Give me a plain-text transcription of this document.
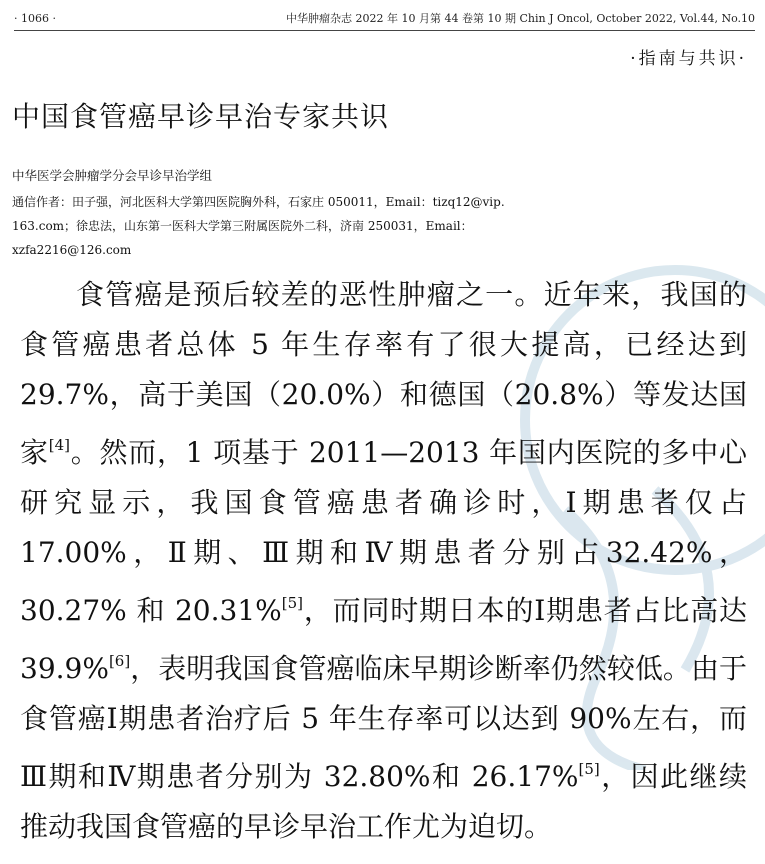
· 1066 ·	中华肿瘤杂志 2022 年 10 月第 44 卷第 10 期 Chin J Oncol, October 2022, Vol.44, No.10
·指南与共识·
中国食管癌早诊早治专家共识
中华医学会肿瘤学分会早诊早治学组
通信作者：田子强，河北医科大学第四医院胸外科，石家庄 050011，Email：tizq12@vip.
163.com；徐忠法，山东第一医科大学第三附属医院外二科，济南 250031，Email：
xzfa2216@126.com
食管癌是预后较差的恶性肿瘤之一。近年来，我国的食管癌患者总体 5 年生存率有了很大提高，已经达到 29.7%，高于美国（20.0%）和德国（20.8%）等发达国家[4]。然而，1 项基于 2011—2013 年国内医院的多中心研究显示，我国食管癌患者确诊时，Ⅰ期患者仅占 17.00%，Ⅱ期、Ⅲ期和Ⅳ期患者分别占32.42%，30.27% 和 20.31%[5]，而同时期日本的Ⅰ期患者占比高达 39.9%[6]，表明我国食管癌临床早期诊断率仍然较低。由于食管癌Ⅰ期患者治疗后 5 年生存率可以达到 90%左右，而Ⅲ期和Ⅳ期患者分别为 32.80%和 26.17%[5]，因此继续推动我国食管癌的早诊早治工作尤为迫切。
